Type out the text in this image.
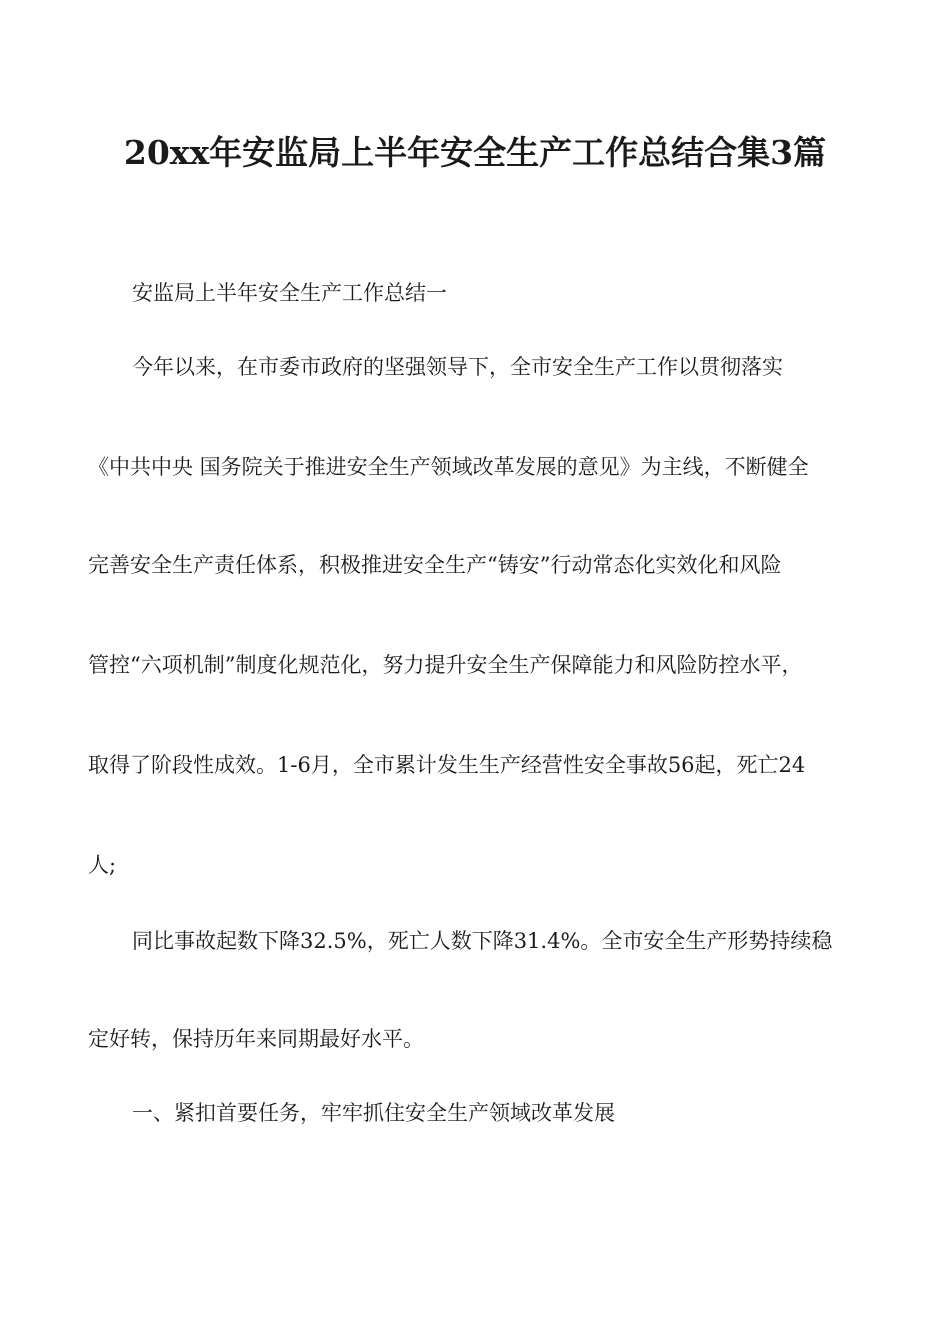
20xx年安监局上半年安全生产工作总结合集3篇
安监局上半年安全生产工作总结一
今年以来，在市委市政府的坚强领导下，全市安全生产工作以贯彻落实
《中共中央 国务院关于推进安全生产领域改革发展的意见》为主线，不断健全
完善安全生产责任体系，积极推进安全生产“铸安”行动常态化实效化和风险
管控“六项机制”制度化规范化，努力提升安全生产保障能力和风险防控水平，
取得了阶段性成效。1-6月，全市累计发生生产经营性安全事故56起，死亡24
人;
同比事故起数下降32.5%，死亡人数下降31.4%。全市安全生产形势持续稳
定好转，保持历年来同期最好水平。
一、紧扣首要任务，牢牢抓住安全生产领域改革发展
